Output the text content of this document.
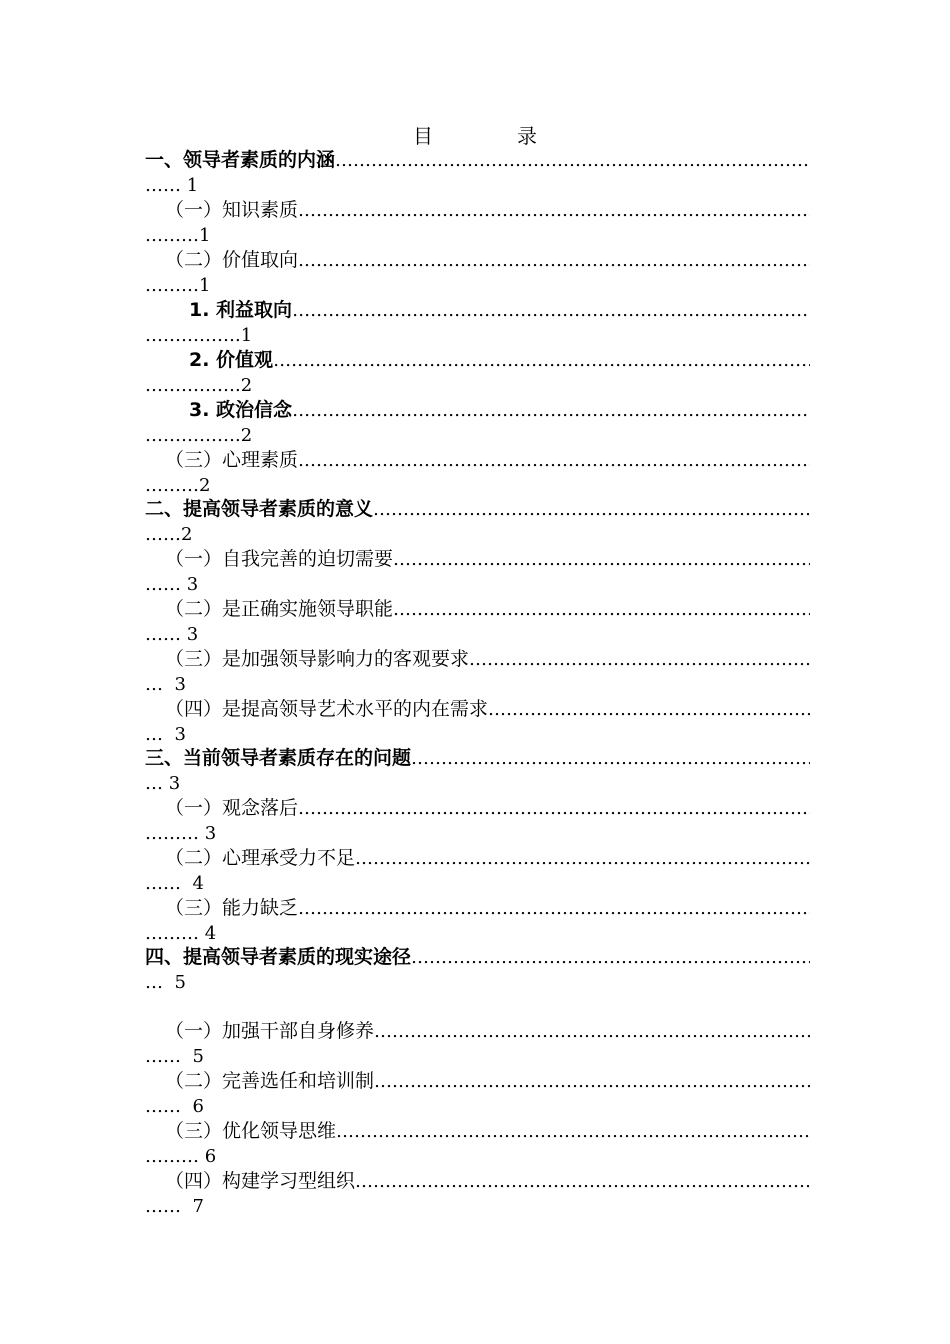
目　录
一、领导者素质的内涵
…………………………………………………………………………………………………………………………………………………………
…… 1
（一）知识素质
…………………………………………………………………………………………………………………………………………………………
………1
（二）价值取向
…………………………………………………………………………………………………………………………………………………………
………1
1. 利益取向
…………………………………………………………………………………………………………………………………………………………
…………….1
2. 价值观
…………………………………………………………………………………………………………………………………………………………
…………….2
3. 政治信念
…………………………………………………………………………………………………………………………………………………………
…………….2
（三）心理素质
…………………………………………………………………………………………………………………………………………………………
………2
二、提高领导者素质的意义
…………………………………………………………………………………………………………………………………………………………
……2
（一）自我完善的迫切需要
…………………………………………………………………………………………………………………………………………………………
…… 3
（二）是正确实施领导职能
…………………………………………………………………………………………………………………………………………………………
…… 3
（三）是加强领导影响力的客观要求
…………………………………………………………………………………………………………………………………………………………
…  3
（四）是提高领导艺术水平的内在需求
…………………………………………………………………………………………………………………………………………………………
…  3
三、当前领导者素质存在的问题
…………………………………………………………………………………………………………………………………………………………
… 3
（一）观念落后
…………………………………………………………………………………………………………………………………………………………
……… 3
（二）心理承受力不足
…………………………………………………………………………………………………………………………………………………………
……  4
（三）能力缺乏
…………………………………………………………………………………………………………………………………………………………
……… 4
四、提高领导者素质的现实途径
…………………………………………………………………………………………………………………………………………………………
…  5
（一）加强干部自身修养
…………………………………………………………………………………………………………………………………………………………
……  5
（二）完善选任和培训制
…………………………………………………………………………………………………………………………………………………………
……  6
（三）优化领导思维
…………………………………………………………………………………………………………………………………………………………
……… 6
（四）构建学习型组织
…………………………………………………………………………………………………………………………………………………………
……  7
